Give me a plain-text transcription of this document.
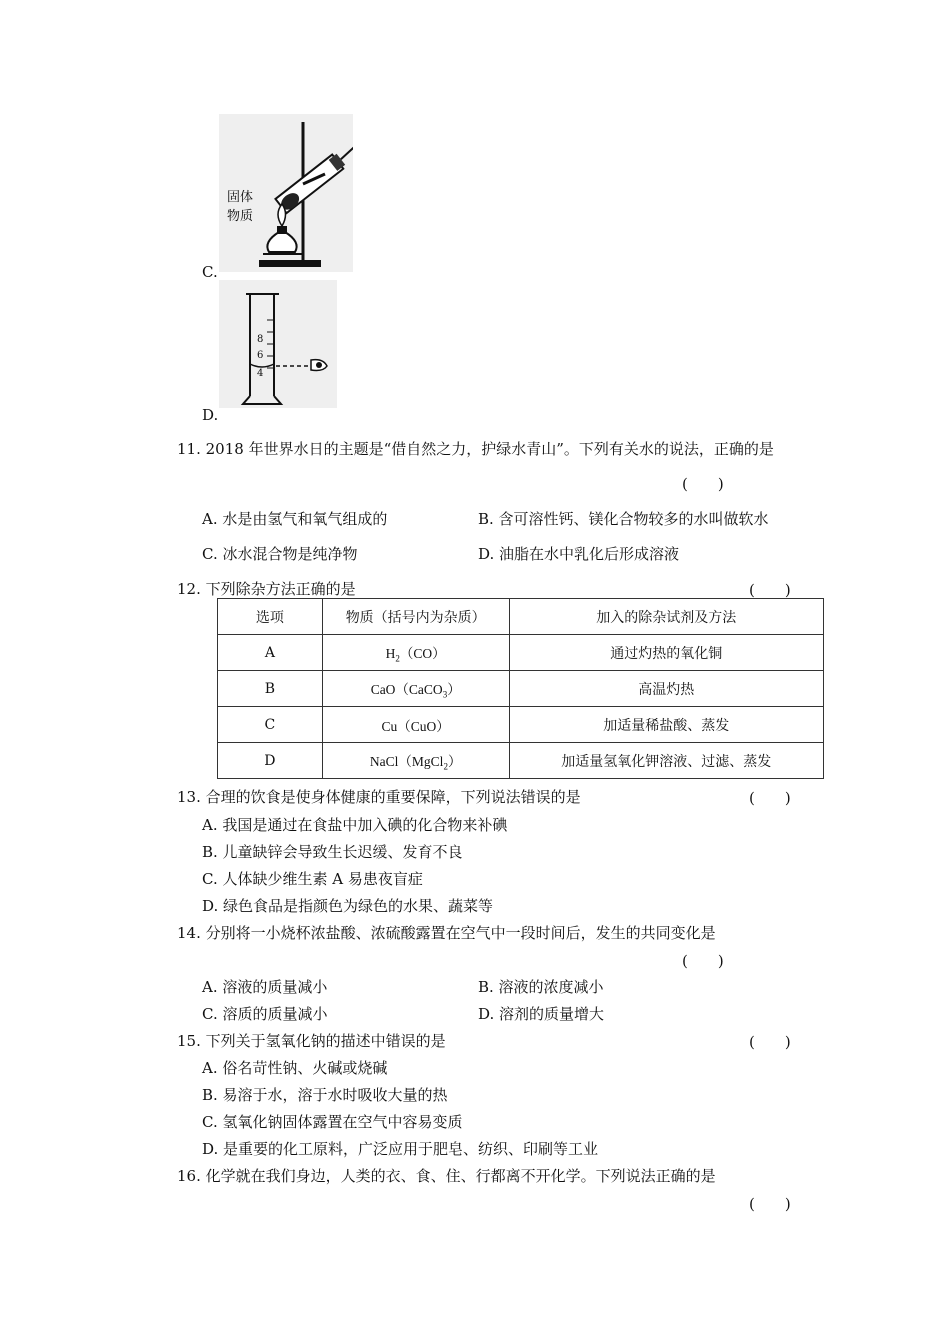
固体
物质
C.
8
6
4
D.
11. 2018 年世界水日的主题是“借自然之力，护绿水青山”。下列有关水的说法，正确的是
(　　)
A. 水是由氢气和氧气组成的	B. 含可溶性钙、镁化合物较多的水叫做软水
C. 冰水混合物是纯净物	D. 油脂在水中乳化后形成溶液
12. 下列除杂方法正确的是	(　　)
选项	物质（括号内为杂质）	加入的除杂试剂及方法
A	$H_2(CO)$	通过灼热的氧化铜
B	CaO（CaCO$_3$）	高温灼热
C	Cu（CuO）	加适量稀盐酸、蒸发
D	NaCl（MgCl$_2$）	加适量氢氧化钾溶液、过滤、蒸发
13. 合理的饮食是使身体健康的重要保障，下列说法错误的是	(　　)
A. 我国是通过在食盐中加入碘的化合物来补碘
B. 儿童缺锌会导致生长迟缓、发育不良
C. 人体缺少维生素 A 易患夜盲症
D. 绿色食品是指颜色为绿色的水果、蔬菜等
14. 分别将一小烧杯浓盐酸、浓硫酸露置在空气中一段时间后，发生的共同变化是
(　　)
A. 溶液的质量减小	B. 溶液的浓度减小
C. 溶质的质量减小	D. 溶剂的质量增大
15. 下列关于氢氧化钠的描述中错误的是	(　　)
A. 俗名苛性钠、火碱或烧碱
B. 易溶于水，溶于水时吸收大量的热
C. 氢氧化钠固体露置在空气中容易变质
D. 是重要的化工原料，广泛应用于肥皂、纺织、印刷等工业
16. 化学就在我们身边，人类的衣、食、住、行都离不开化学。下列说法正确的是
(　　)
